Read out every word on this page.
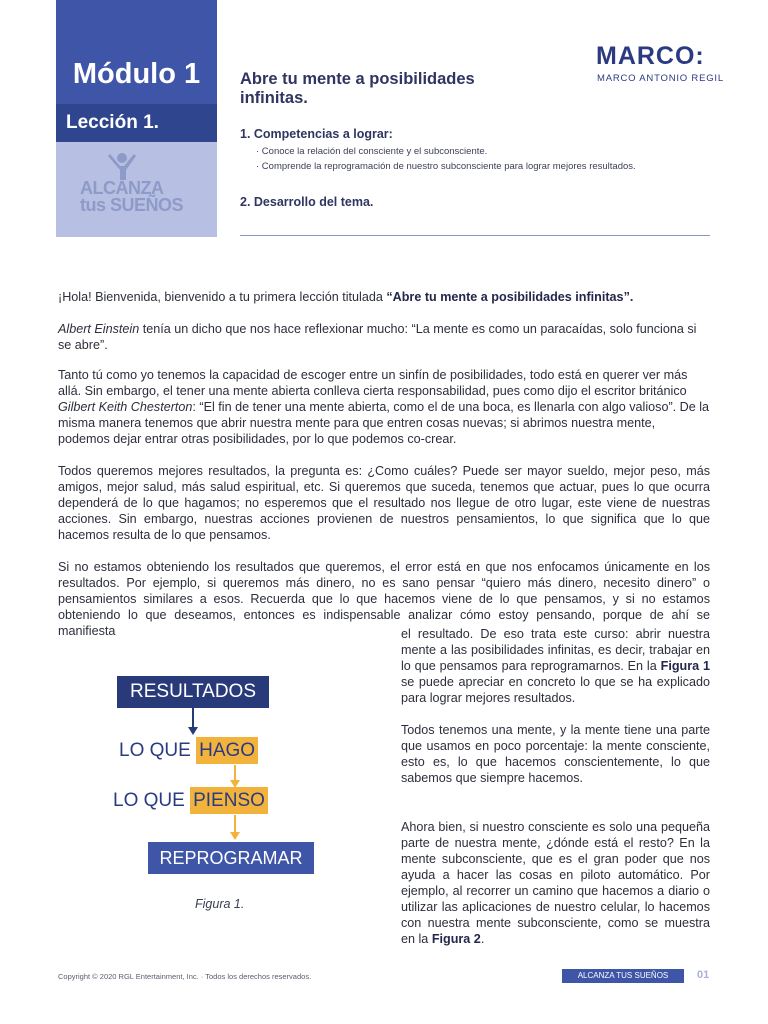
Módulo 1
Lección 1.
ALCANZA
tus SUEÑOS
MARCO:
MARCO ANTONIO REGIL
Abre tu mente a posibilidades infinitas.
1. Competencias a lograr:
· Conoce la relación del consciente y el subconsciente.
· Comprende la reprogramación de nuestro subconsciente para lograr mejores resultados.
2. Desarrollo del tema.
¡Hola! Bienvenida, bienvenido a tu primera lección titulada “Abre tu mente a posibilidades infinitas”.
Albert Einstein tenía un dicho que nos hace reflexionar mucho: “La mente es como un paracaídas, solo funciona si se abre”.
Tanto tú como yo tenemos la capacidad de escoger entre un sinfín de posibilidades, todo está en querer ver más allá. Sin embargo, el tener una mente abierta conlleva cierta responsabilidad, pues como dijo el escritor británico Gilbert Keith Chesterton: “El fin de tener una mente abierta, como el de una boca, es llenarla con algo valioso”. De la misma manera tenemos que abrir nuestra mente para que entren cosas nuevas; si abrimos nuestra mente, podemos dejar entrar otras posibilidades, por lo que podemos co-crear.
Todos queremos mejores resultados, la pregunta es: ¿Como cuáles? Puede ser mayor sueldo, mejor peso, más amigos, mejor salud, más salud espiritual, etc. Si queremos que suceda, tenemos que actuar, pues lo que ocurra dependerá de lo que hagamos; no esperemos que el resultado nos llegue de otro lugar, este viene de nuestras acciones. Sin embargo, nuestras acciones provienen de nuestros pensamientos, lo que significa que lo que hacemos resulta de lo que pensamos.
Si no estamos obteniendo los resultados que queremos, el error está en que nos enfocamos únicamente en los resultados. Por ejemplo, si queremos más dinero, no es sano pensar “quiero más dinero, necesito dinero” o pensamientos similares a esos. Recuerda que lo que hacemos viene de lo que pensamos, y si no estamos obteniendo lo que deseamos, entonces es indispensable analizar cómo estoy pensando, porque de ahí se manifiesta	el resultado. De eso trata este curso: abrir nuestra mente a las posibilidades infinitas, es decir, trabajar en lo que pensamos para reprogramarnos. En la Figura 1 se puede apreciar en concreto lo que se ha explicado para lograr mejores resultados.
Todos tenemos una mente, y la mente tiene una parte que usamos en poco porcentaje: la mente consciente, esto es, lo que hacemos conscientemente, lo que sabemos que siempre hacemos.
Ahora bien, si nuestro consciente es solo una pequeña parte de nuestra mente, ¿dónde está el resto? En la mente subconsciente, que es el gran poder que nos ayuda a hacer las cosas en piloto automático. Por ejemplo, al recorrer un camino que hacemos a diario o utilizar las aplicaciones de nuestro celular, lo hacemos con nuestra mente subconsciente, como se muestra en la Figura 2.
RESULTADOS
LO QUE HAGO
LO QUE PIENSO
REPROGRAMAR
Figura 1.
Copyright © 2020 RGL Entertainment, Inc. · Todos los derechos reservados.	ALCANZA TUS SUEÑOS	01
